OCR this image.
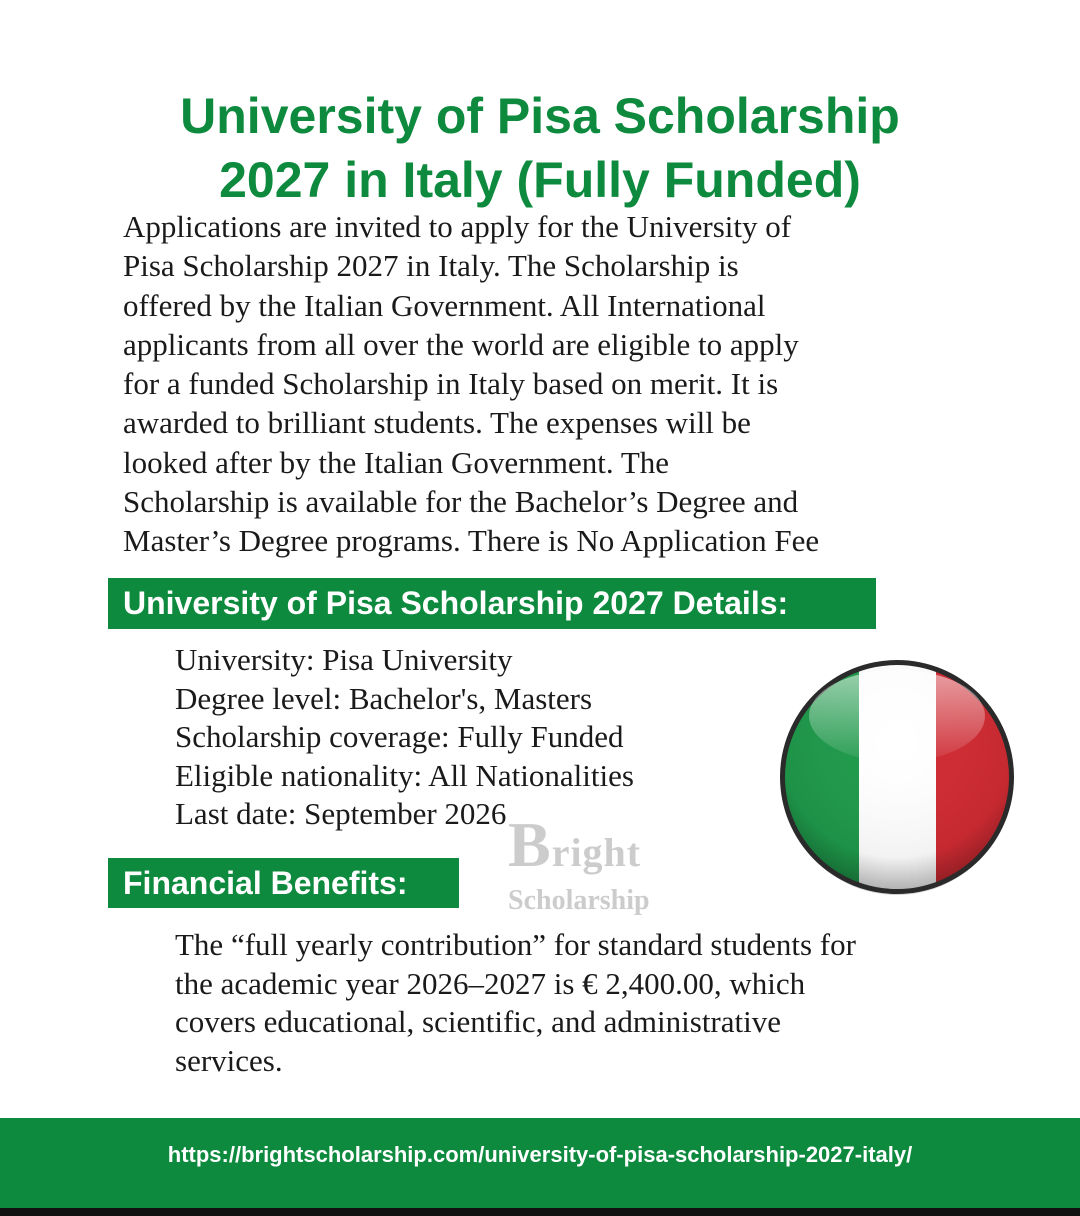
University of Pisa Scholarship
2027 in Italy (Fully Funded)
Applications are invited to apply for the University of
Pisa Scholarship 2027 in Italy. The Scholarship is
offered by the Italian Government. All International
applicants from all over the world are eligible to apply
for a funded Scholarship in Italy based on merit. It is
awarded to brilliant students. The expenses will be
looked after by the Italian Government. The
Scholarship is available for the Bachelor’s Degree and
Master’s Degree programs. There is No Application Fee
University of Pisa Scholarship 2027 Details:
University: Pisa University
Degree level: Bachelor's, Masters
Scholarship coverage: Fully Funded
Eligible nationality: All Nationalities
Last date: September 2026 Bright
Scholarship
Financial Benefits:
The “full yearly contribution” for standard students for
the academic year 2026–2027 is € 2,400.00, which
covers educational, scientific, and administrative
services.
https://brightscholarship.com/university-of-pisa-scholarship-2027-italy/
